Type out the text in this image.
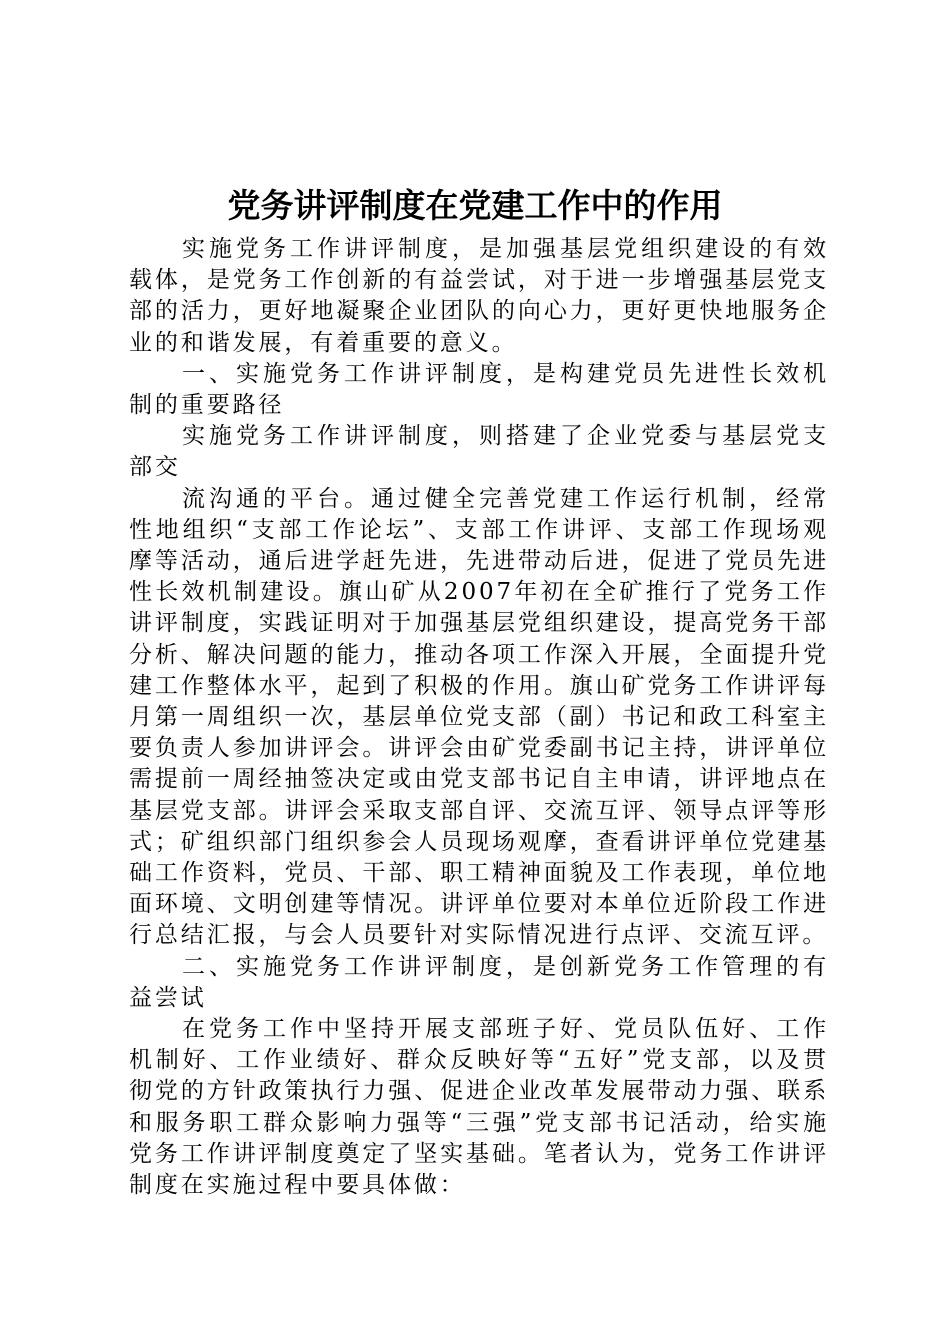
党务讲评制度在党建工作中的作用

实施党务工作讲评制度，是加强基层党组织建设的有效载体，是党务工作创新的有益尝试，对于进一步增强基层党支部的活力，更好地凝聚企业团队的向心力，更好更快地服务企业的和谐发展，有着重要的意义。

一、实施党务工作讲评制度，是构建党员先进性长效机制的重要路径

实施党务工作讲评制度，则搭建了企业党委与基层党支部交

流沟通的平台。通过健全完善党建工作运行机制，经常性地组织“支部工作论坛”、支部工作讲评、支部工作现场观摩等活动，通后进学赶先进，先进带动后进，促进了党员先进性长效机制建设。旗山矿从2007年初在全矿推行了党务工作讲评制度，实践证明对于加强基层党组织建设，提高党务干部分析、解决问题的能力，推动各项工作深入开展，全面提升党建工作整体水平，起到了积极的作用。旗山矿党务工作讲评每月第一周组织一次，基层单位党支部（副）书记和政工科室主要负责人参加讲评会。讲评会由矿党委副书记主持，讲评单位需提前一周经抽签决定或由党支部书记自主申请，讲评地点在基层党支部。讲评会采取支部自评、交流互评、领导点评等形式；矿组织部门组织参会人员现场观摩，查看讲评单位党建基础工作资料，党员、干部、职工精神面貌及工作表现，单位地面环境、文明创建等情况。讲评单位要对本单位近阶段工作进行总结汇报，与会人员要针对实际情况进行点评、交流互评。

二、实施党务工作讲评制度，是创新党务工作管理的有益尝试

在党务工作中坚持开展支部班子好、党员队伍好、工作机制好、工作业绩好、群众反映好等“五好”党支部，以及贯彻党的方针政策执行力强、促进企业改革发展带动力强、联系和服务职工群众影响力强等“三强”党支部书记活动，给实施党务工作讲评制度奠定了坚实基础。笔者认为，党务工作讲评制度在实施过程中要具体做：
